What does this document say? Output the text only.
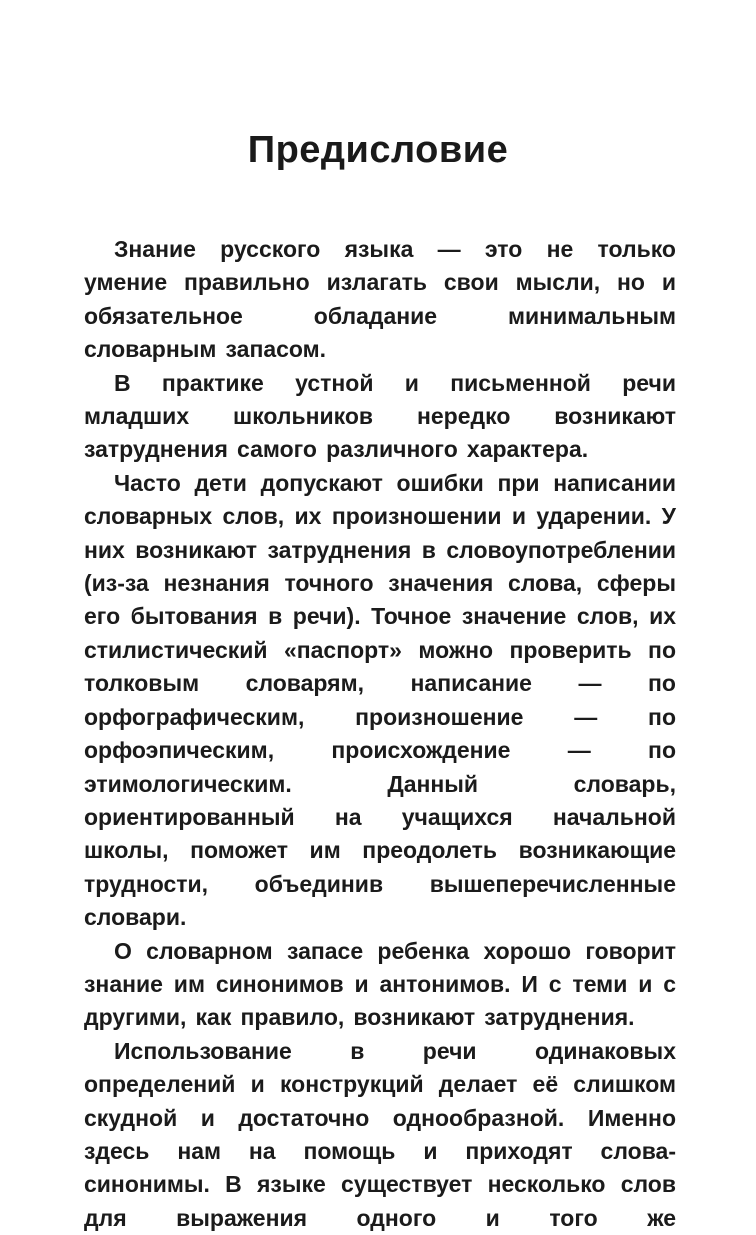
Предисловие

Знание русского языка — это не только умение правильно излагать свои мысли, но и обязательное обладание минимальным словарным запасом.

В практике устной и письменной речи младших школьников нередко возникают затруднения самого различного характера.

Часто дети допускают ошибки при написании словарных слов, их произношении и ударении. У них возникают затруднения в словоупотреблении (из-за незнания точного значения слова, сферы его бытования в речи). Точное значение слов, их стилистический «паспорт» можно проверить по толковым словарям, написание — по орфографическим, произношение — по орфоэпическим, происхождение — по этимологическим. Данный словарь, ориентированный на учащихся начальной школы, поможет им преодолеть возникающие трудности, объединив вышеперечисленные словари.

О словарном запасе ребенка хорошо говорит знание им синонимов и антонимов. И с теми и с другими, как правило, возникают затруднения.

Использование в речи одинаковых определений и конструкций делает её слишком скудной и достаточно однообразной. Именно здесь нам на помощь и приходят слова-синонимы. В языке существует несколько слов для выражения одного и того же
